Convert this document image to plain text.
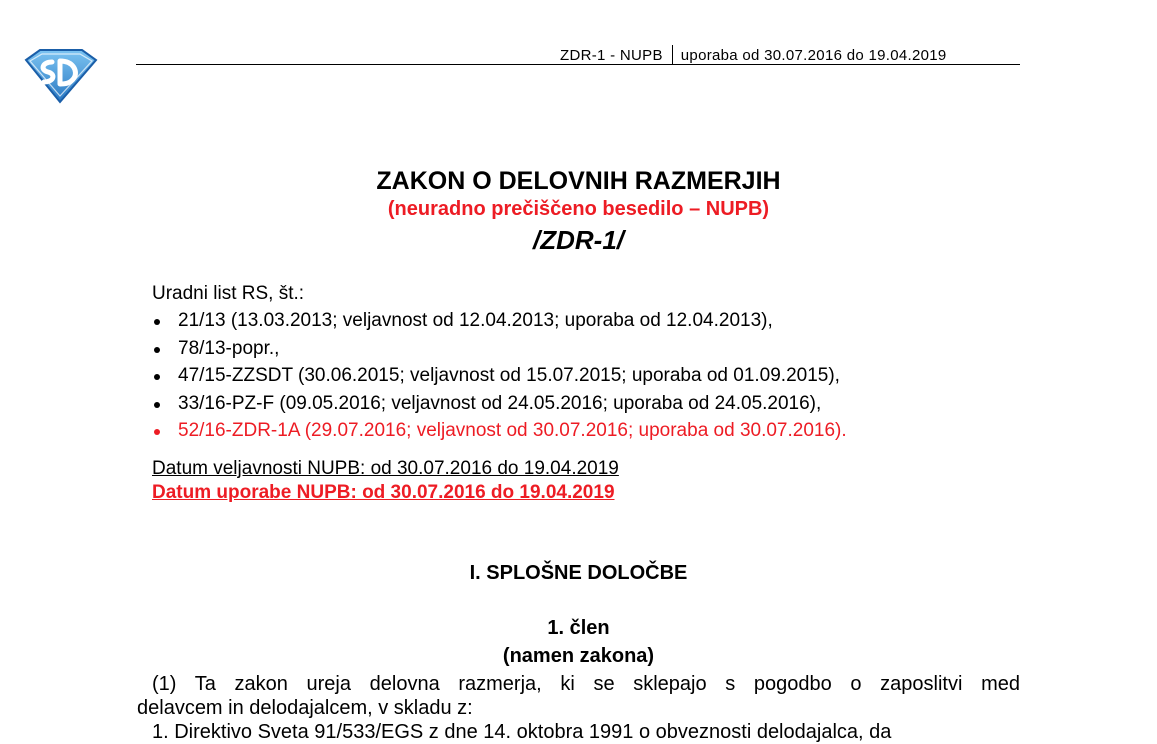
ZDR-1 - NUPB uporaba od 30.07.2016 do 19.04.2019
ZAKON O DELOVNIH RAZMERJIH
(neuradno prečiščeno besedilo – NUPB)
/ZDR-1/
Uradni list RS, št.:
21/13 (13.03.2013; veljavnost od 12.04.2013; uporaba od 12.04.2013),
78/13-popr.,
47/15-ZZSDT (30.06.2015; veljavnost od 15.07.2015; uporaba od 01.09.2015),
33/16-PZ-F (09.05.2016; veljavnost od 24.05.2016; uporaba od 24.05.2016),
52/16-ZDR-1A (29.07.2016; veljavnost od 30.07.2016; uporaba od 30.07.2016).
Datum veljavnosti NUPB: od 30.07.2016 do 19.04.2019
Datum uporabe NUPB: od 30.07.2016 do 19.04.2019
I. SPLOŠNE DOLOČBE
1. člen
(namen zakona)
(1) Ta zakon ureja delovna razmerja, ki se sklepajo s pogodbo o zaposlitvi med
delavcem in delodajalcem, v skladu z:
1. Direktivo Sveta 91/533/EGS z dne 14. oktobra 1991 o obveznosti delodajalca, da
